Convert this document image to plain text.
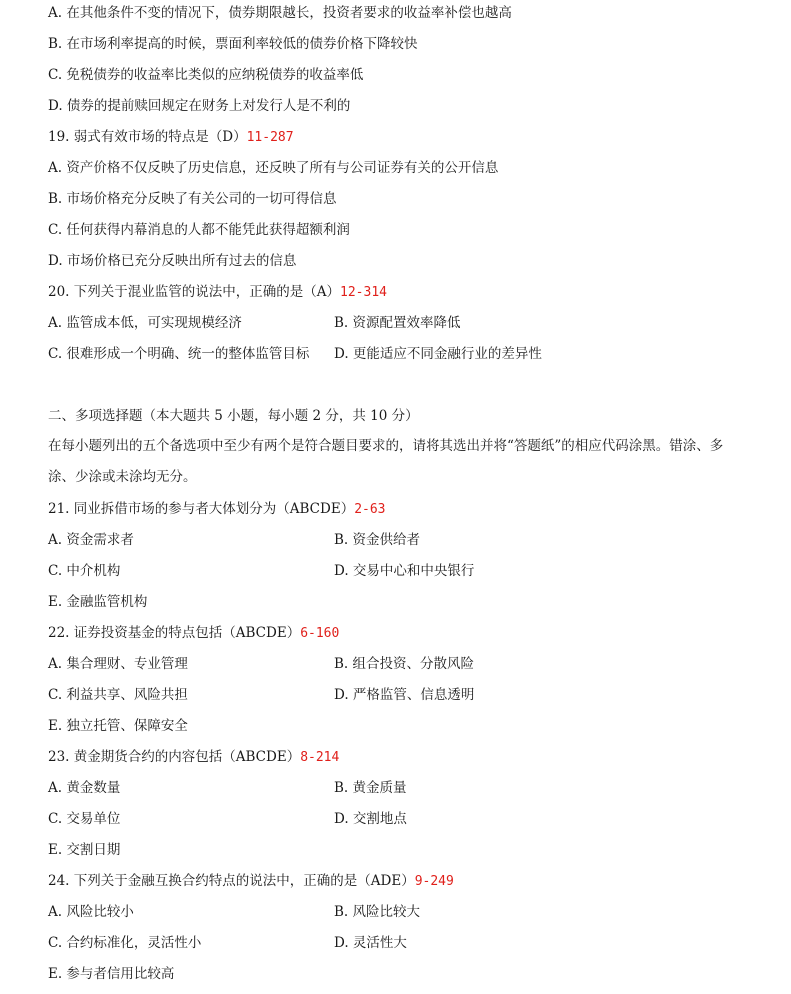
A. 在其他条件不变的情况下，债券期限越长，投资者要求的收益率补偿也越高
B. 在市场利率提高的时候，票面利率较低的债券价格下降较快
C. 免税债券的收益率比类似的应纳税债券的收益率低
D. 债券的提前赎回规定在财务上对发行人是不利的
19. 弱式有效市场的特点是（D）11-287
A. 资产价格不仅反映了历史信息，还反映了所有与公司证券有关的公开信息
B. 市场价格充分反映了有关公司的一切可得信息
C. 任何获得内幕消息的人都不能凭此获得超额利润
D. 市场价格已充分反映出所有过去的信息
20. 下列关于混业监管的说法中，正确的是（A）12-314
A. 监管成本低，可实现规模经济	B. 资源配置效率降低
C. 很难形成一个明确、统一的整体监管目标 D. 更能适应不同金融行业的差异性
二、多项选择题（本大题共 5 小题，每小题 2 分，共 10 分）
在每小题列出的五个备选项中至少有两个是符合题目要求的，请将其选出并将“答题纸”的相应代码涂黑。错涂、多涂、少涂或未涂均无分。
21. 同业拆借市场的参与者大体划分为（ABCDE）2-63
A. 资金需求者	B. 资金供给者
C. 中介机构	D. 交易中心和中央银行
E. 金融监管机构
22. 证券投资基金的特点包括（ABCDE）6-160
A. 集合理财、专业管理	B. 组合投资、分散风险
C. 利益共享、风险共担	D. 严格监管、信息透明
E. 独立托管、保障安全
23. 黄金期货合约的内容包括（ABCDE）8-214
A. 黄金数量	B. 黄金质量
C. 交易单位	D. 交割地点
E. 交割日期
24. 下列关于金融互换合约特点的说法中，正确的是（ADE）9-249
A. 风险比较小	B. 风险比较大
C. 合约标准化，灵活性小	D. 灵活性大
E. 参与者信用比较高
